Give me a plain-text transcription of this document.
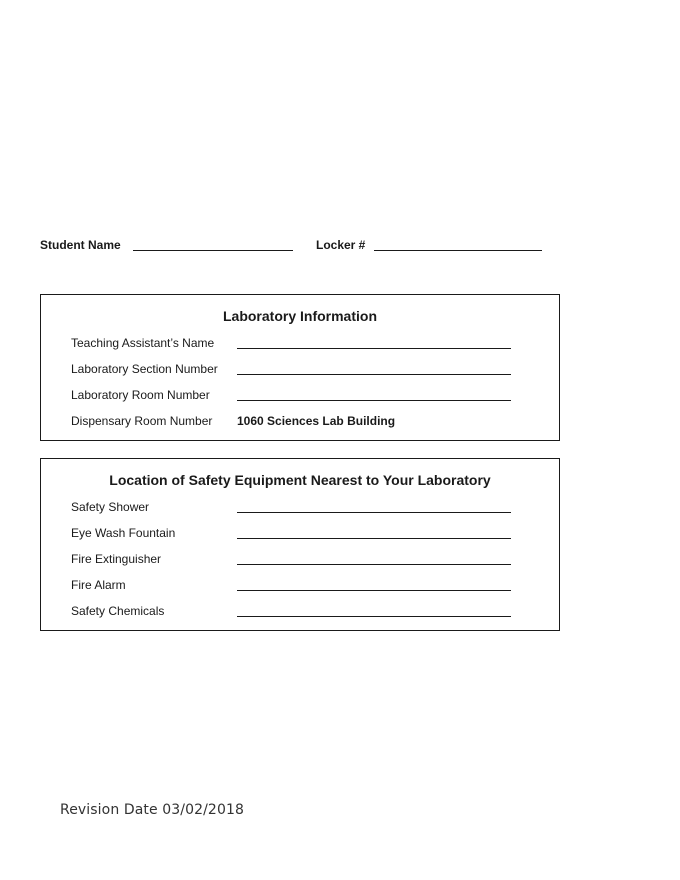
Student Name	Locker #
Laboratory Information
Teaching Assistant’s Name
Laboratory Section Number
Laboratory Room Number
Dispensary Room Number 1060 Sciences Lab Building
Location of Safety Equipment Nearest to Your Laboratory
Safety Shower
Eye Wash Fountain
Fire Extinguisher
Fire Alarm
Safety Chemicals
Revision Date 03/02/2018
